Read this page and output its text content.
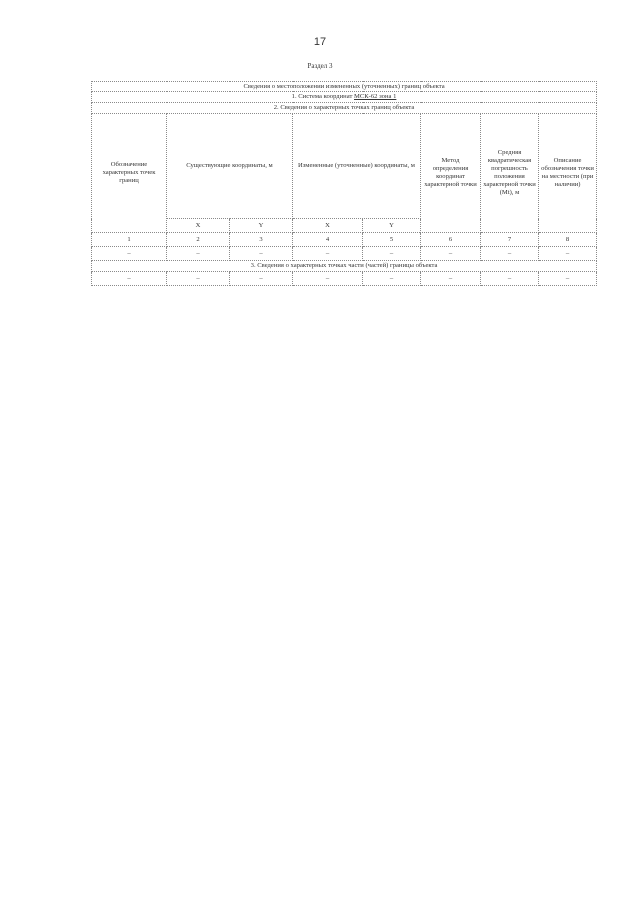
17
Раздел 3
Сведения о местоположении измененных (уточненных) границ объекта							
1. Система координат МСК-62 зона 1							
2. Сведения о характерных точках границ объекта							
Обозначение характерных точек границ	Существующие координаты, м		Измененные (уточненные) координаты, м		Метод определения координат характерной точки	Средняя квадратическая погрешность положения характерной точки (Mt), м	Описание обозначения точки на местности (при наличии)
	X	Y	X	Y			
1	2	3	4	5	6	7	8
–	–	–	–	–	–	–	–
3. Сведения о характерных точках части (частей) границы объекта							
–	–	–	–	–	–	–	–
